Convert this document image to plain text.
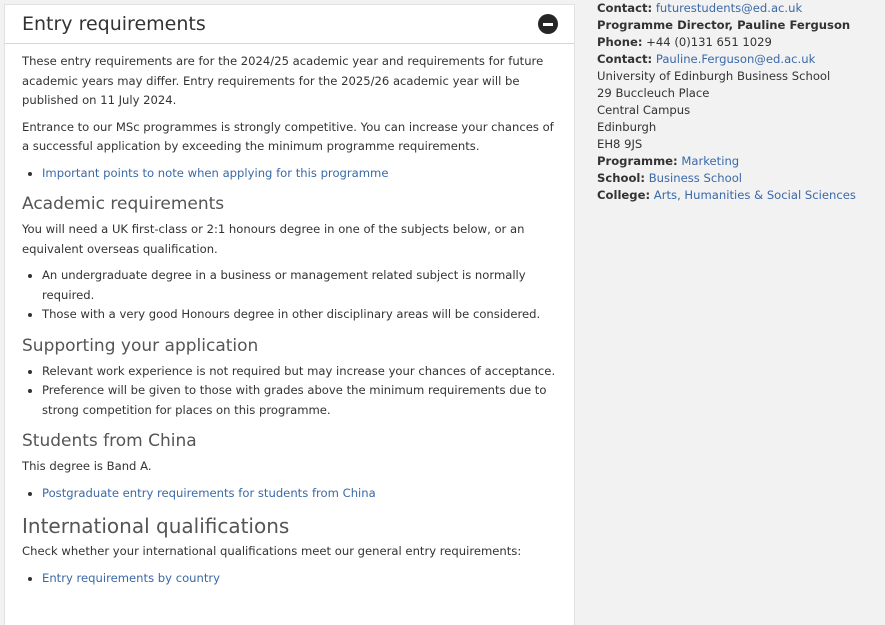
Entry requirements

These entry requirements are for the 2024/25 academic year and requirements for future academic years may differ. Entry requirements for the 2025/26 academic year will be published on 11 July 2024.

Entrance to our MSc programmes is strongly competitive. You can increase your chances of a successful application by exceeding the minimum programme requirements.

• Important points to note when applying for this programme
Academic requirements

You will need a UK first-class or 2:1 honours degree in one of the subjects below, or an equivalent overseas qualification.

• An undergraduate degree in a business or management related subject is normally required.
• Those with a very good Honours degree in other disciplinary areas will be considered.
Supporting your application
• Relevant work experience is not required but may increase your chances of acceptance.
• Preference will be given to those with grades above the minimum requirements due to strong competition for places on this programme.
Students from China

This degree is Band A.

• Postgraduate entry requirements for students from China
International qualifications

Check whether your international qualifications meet our general entry requirements:

• Entry requirements by country
Contact: futurestudents@ed.ac.uk
Programme Director, Pauline Ferguson
Phone: +44 (0)131 651 1029
Contact: Pauline.Ferguson@ed.ac.uk
University of Edinburgh Business School
29 Buccleuch Place
Central Campus
Edinburgh
EH8 9JS
Programme: Marketing
School: Business School
College: Arts, Humanities & Social Sciences
